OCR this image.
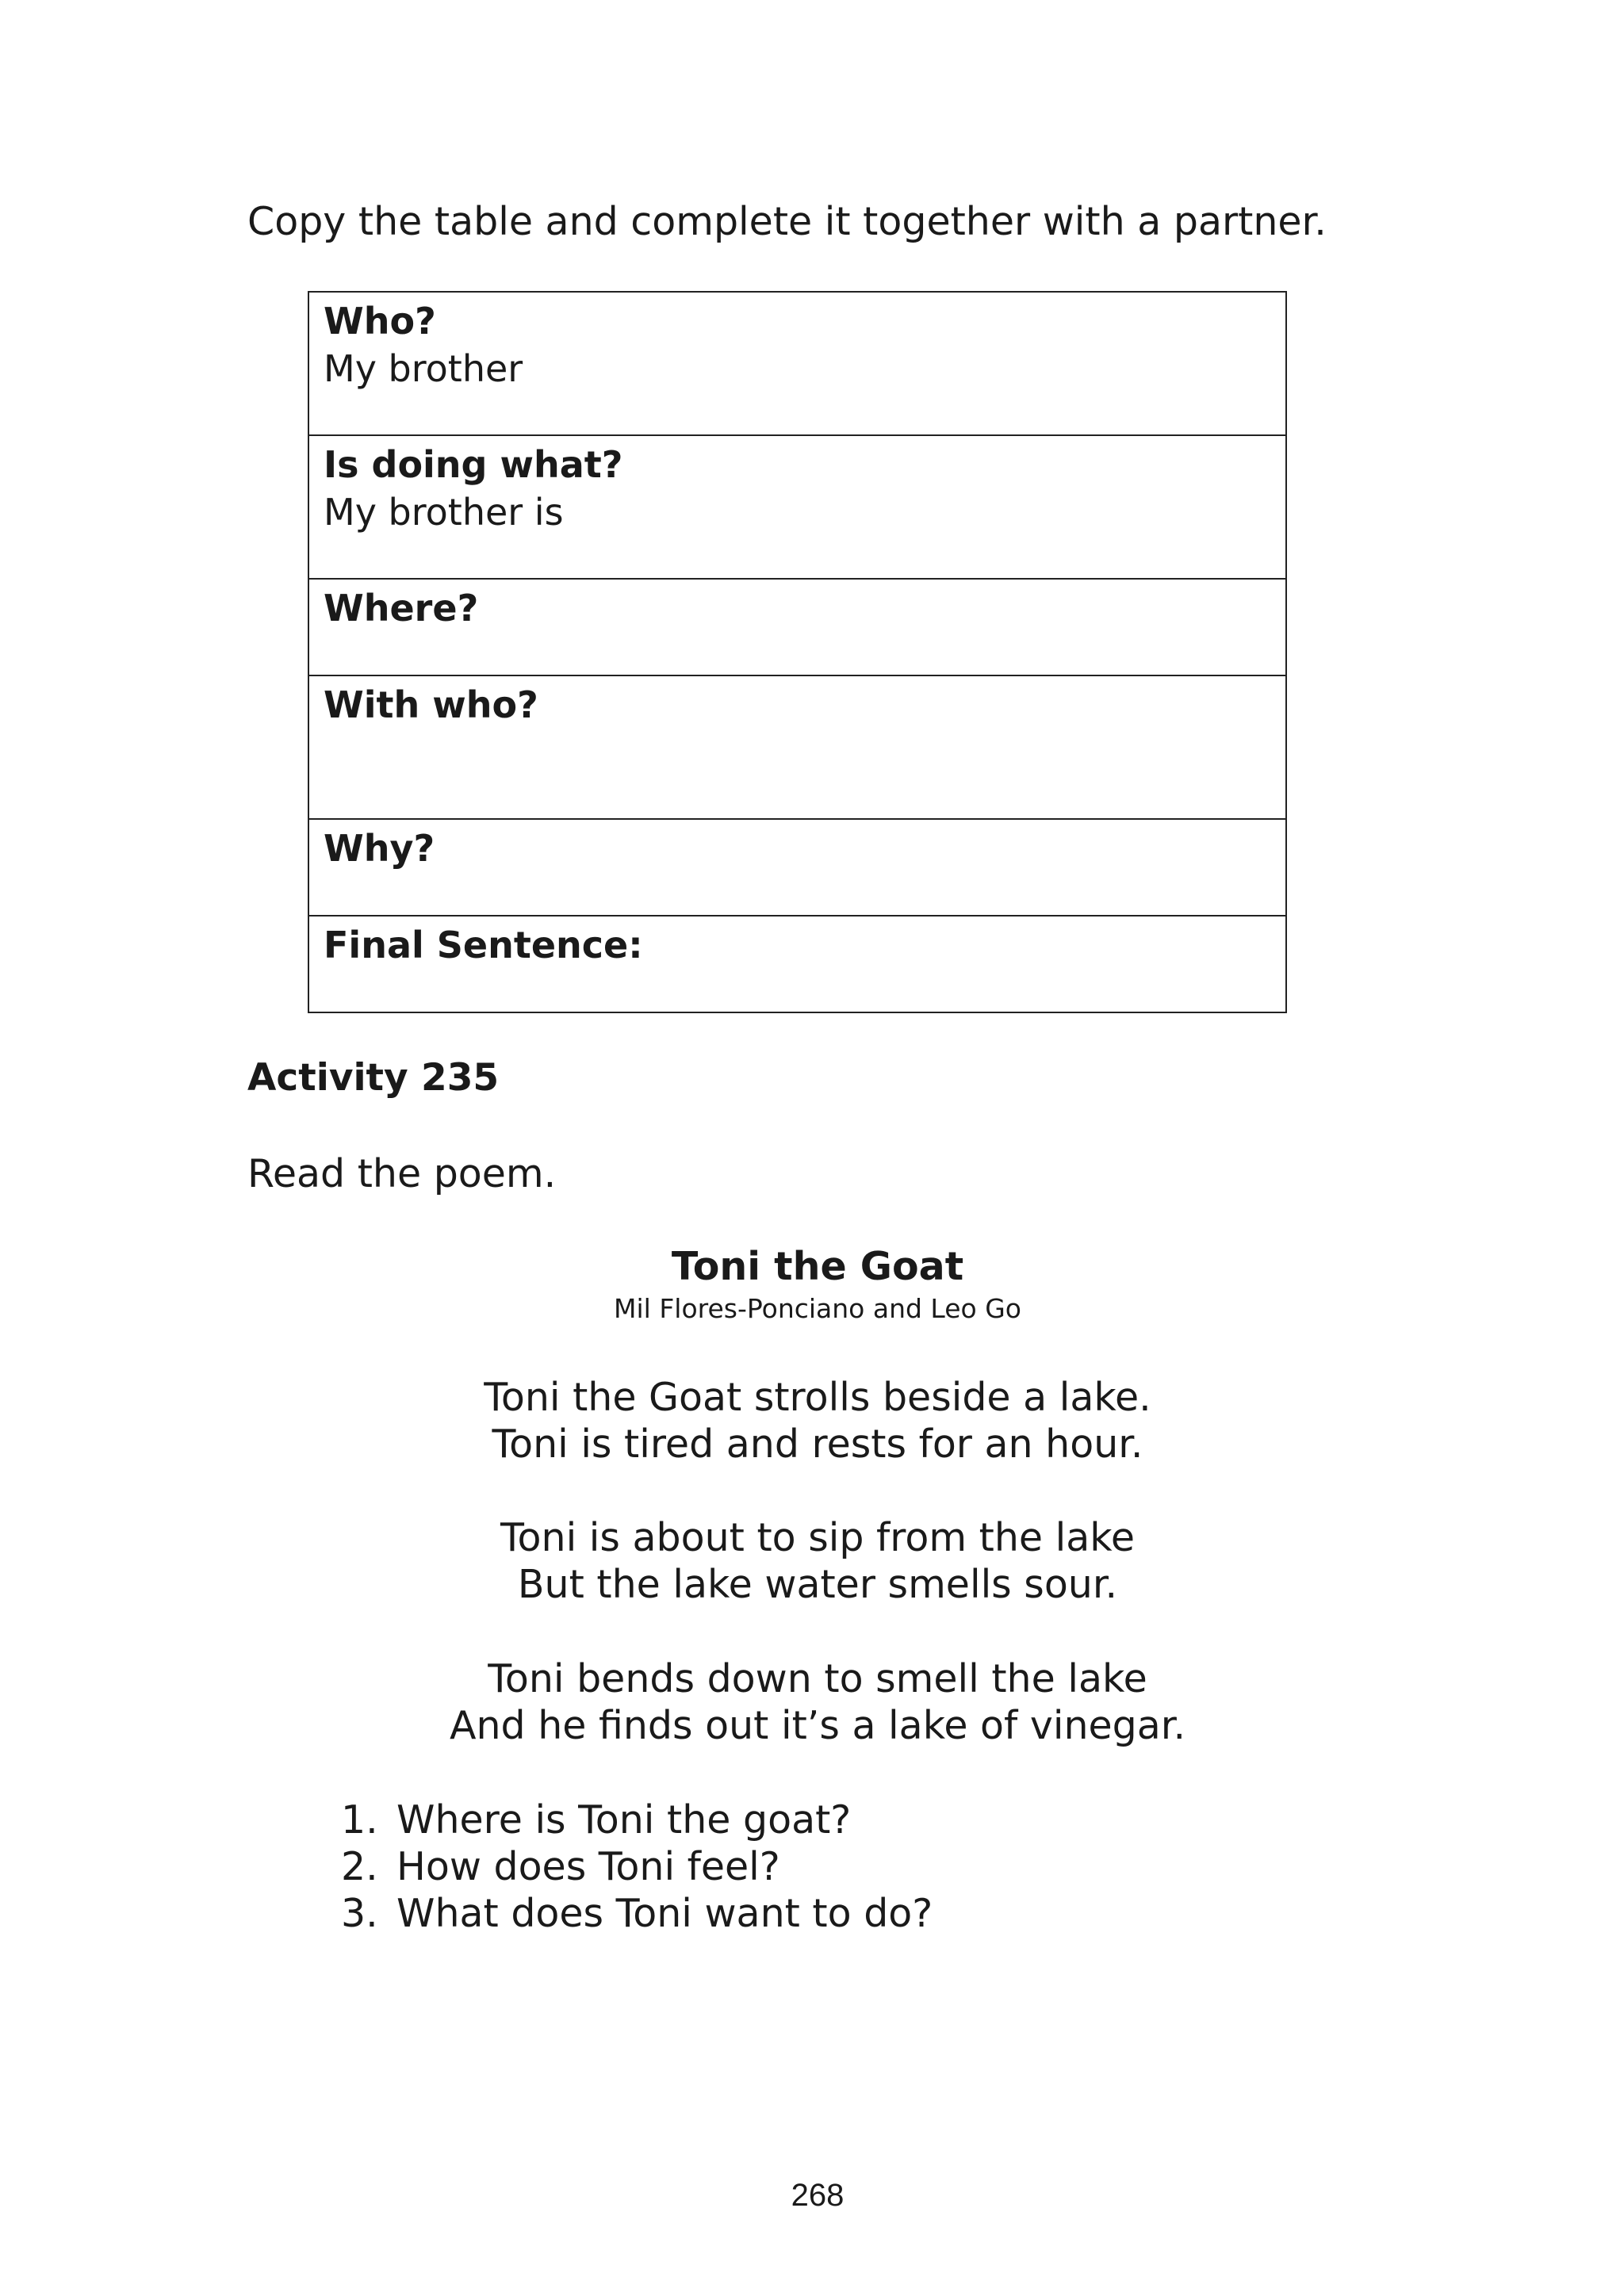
Copy the table and complete it together with a partner.

Who?
My brother

Is doing what?
My brother is

Where?

With who?

Why?

Final Sentence:
Activity 235

Read the poem.

Toni the Goat

Mil Flores-Ponciano and Leo Go

Toni the Goat strolls beside a lake.
Toni is tired and rests for an hour.

Toni is about to sip from the lake
But the lake water smells sour.

Toni bends down to smell the lake
And he finds out it’s a lake of vinegar.

1. Where is Toni the goat?
2. How does Toni feel?
3. What does Toni want to do?
268
